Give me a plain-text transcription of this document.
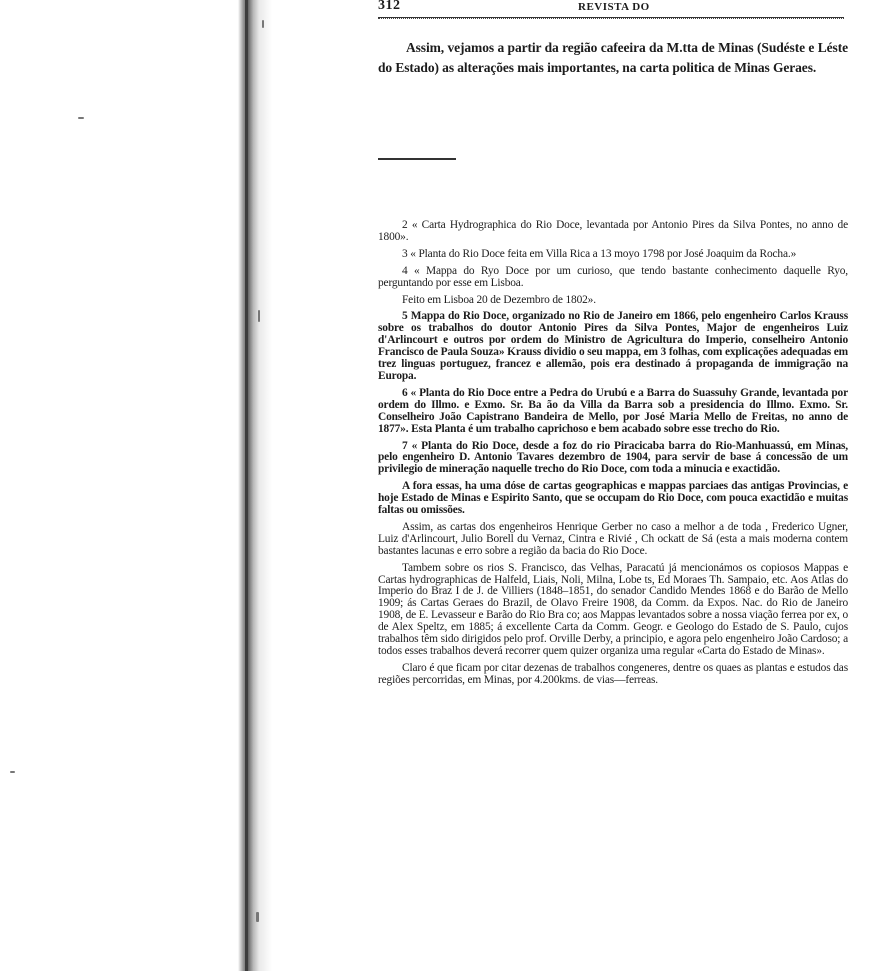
312	REVISTA DO
Assim, vejamos a partir da região cafeeira da M.tta de Minas (Sudéste e Léste do Estado) as alterações mais importantes, na carta politica de Minas Geraes.

2 « Carta Hydrographica do Rio Doce, levantada por Antonio Pires da Silva Pontes, no anno de 1800».

3 « Planta do Rio Doce feita em Villa Rica a 13 moyo 1798 por José Joaquim da Rocha.»

4 « Mappa do Ryo Doce por um curioso, que tendo bastante conhecimento daquelle Ryo, perguntando por esse em Lisboa.

Feito em Lisboa 20 de Dezembro de 1802».

5 Mappa do Rio Doce, organizado no Rio de Janeiro em 1866, pelo engenheiro Carlos Krauss sobre os trabalhos do doutor Antonio Pires da Silva Pontes, Major de engenheiros Luiz d'Arlincourt e outros por ordem do Ministro de Agricultura do Imperio, conselheiro Antonio Francisco de Paula Souza» Krauss dividio o seu mappa, em 3 folhas, com explicações adequadas em trez linguas portuguez, francez e allemão, pois era destinado á propaganda de immigração na Europa.

6 « Planta do Rio Doce entre a Pedra do Urubú e a Barra do Suassuhy Grande, levantada por ordem do Illmo. e Exmo. Sr. Ba ão da Villa da Barra sob a presidencia do Illmo. Exmo. Sr. Conselheiro João Capistrano Bandeira de Mello, por José Maria Mello de Freitas, no anno de 1877». Esta Planta é um trabalho caprichoso e bem acabado sobre esse trecho do Rio.

7 « Planta do Rio Doce, desde a foz do rio Piracicaba barra do Rio-Manhuassú, em Minas, pelo engenheiro D. Antonio Tavares dezembro de 1904, para servir de base á concessão de um privilegio de mineração naquelle trecho do Rio Doce, com toda a minucia e exactidão.

A fora essas, ha uma dóse de cartas geographicas e mappas parciaes das antigas Provincias, e hoje Estado de Minas e Espirito Santo, que se occupam do Rio Doce, com pouca exactidão e muitas faltas ou omissões.

Assim, as cartas dos engenheiros Henrique Gerber no caso a melhor a de toda , Frederico Ugner, Luiz d'Arlincourt, Julio Borell du Vernaz, Cintra e Rivié , Ch ockatt de Sá (esta a mais moderna contem bastantes lacunas e erro sobre a região da bacia do Rio Doce.

Tambem sobre os rios S. Francisco, das Velhas, Paracatú já mencionámos os copiosos Mappas e Cartas hydrographicas de Halfeld, Liais, Noli, Milna, Lobe ts, Ed Moraes Th. Sampaio, etc. Aos Atlas do Imperio do Braz I de J. de Villiers (1848–1851, do senador Candido Mendes 1868 e do Barão de Mello 1909; ás Cartas Geraes do Brazil, de Olavo Freire 1908, da Comm. da Expos. Nac. do Rio de Janeiro 1908, de E. Levasseur e Barão do Rio Bra co; aos Mappas levantados sobre a nossa viação ferrea por ex, o de Alex Speltz, em 1885; á excellente Carta da Comm. Geogr. e Geologo do Estado de S. Paulo, cujos trabalhos têm sido dirigidos pelo prof. Orville Derby, a principio, e agora pelo engenheiro João Cardoso; a todos esses trabalhos deverá recorrer quem quizer organiza uma regular «Carta do Estado de Minas».

Claro é que ficam por citar dezenas de trabalhos congeneres, dentre os quaes as plantas e estudos das regiões percorridas, em Minas, por 4.200kms. de vias—ferreas.
